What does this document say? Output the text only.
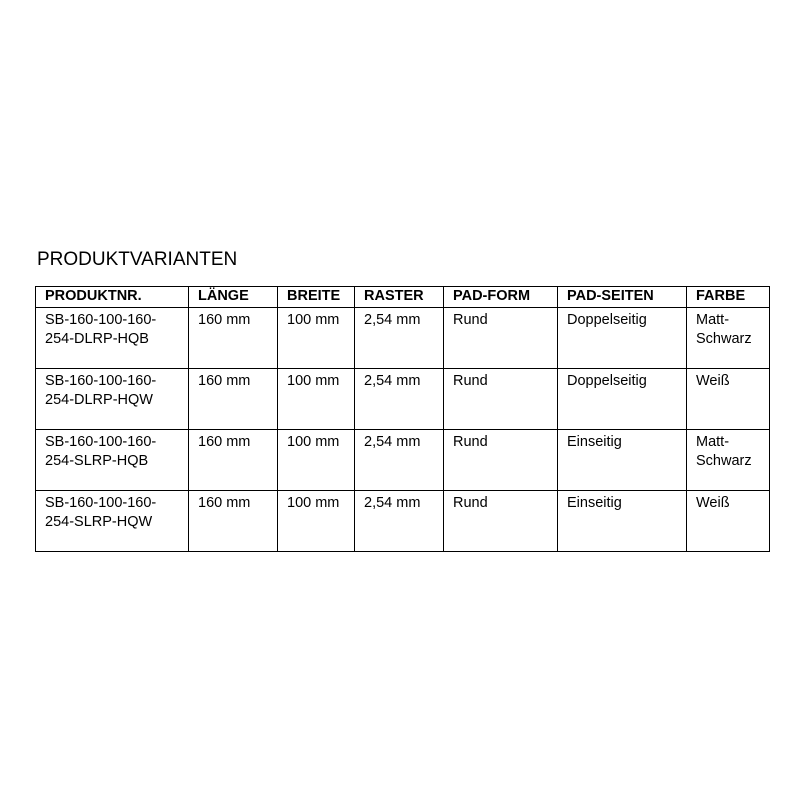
PRODUKTVARIANTEN
PRODUKTNR.	LÄNGE	BREITE	RASTER	PAD-FORM	PAD-SEITEN	FARBE

SB-160-100-160-
254-DLRP-HQB	160 mm	100 mm	2,54 mm	Rund	Doppelseitig	Matt-
Schwarz

SB-160-100-160-
254-DLRP-HQW	160 mm	100 mm	2,54 mm	Rund	Doppelseitig	Weiß

SB-160-100-160-
254-SLRP-HQB	160 mm	100 mm	2,54 mm	Rund	Einseitig	Matt-
Schwarz

SB-160-100-160-
254-SLRP-HQW	160 mm	100 mm	2,54 mm	Rund	Einseitig	Weiß
